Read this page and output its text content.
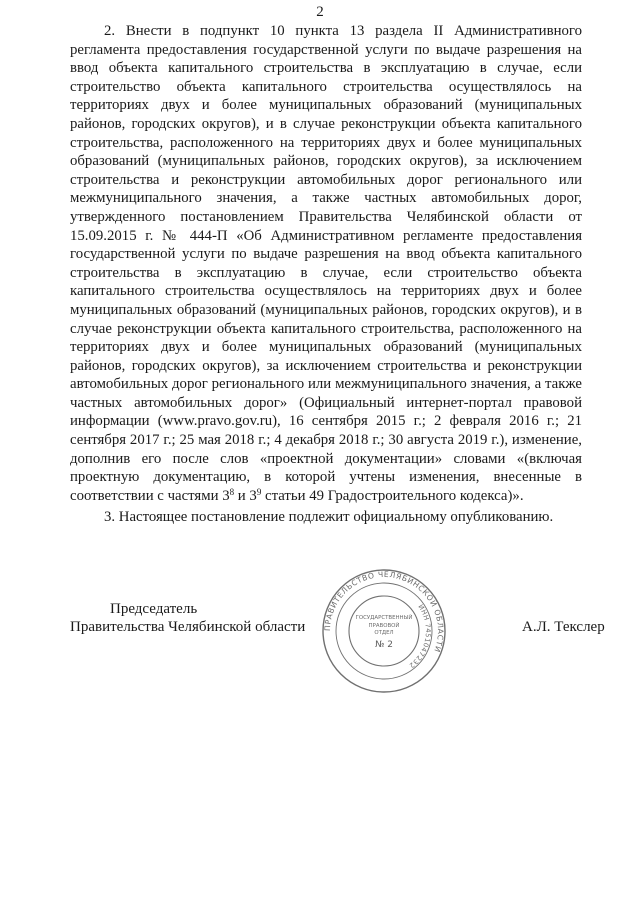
2

2. Внести в подпункт 10 пункта 13 раздела II Административного регламента предоставления государственной услуги по выдаче разрешения на ввод объекта капитального строительства в эксплуатацию в случае, если строительство объекта капитального строительства осуществлялось на территориях двух и более муниципальных образований (муниципальных районов, городских округов), и в случае реконструкции объекта капитального строительства, расположенного на территориях двух и более муниципальных образований (муниципальных районов, городских округов), за исключением строительства и реконструкции автомобильных дорог регионального или межмуниципального значения, а также частных автомобильных дорог, утвержденного постановлением Правительства Челябинской области от 15.09.2015 г. № 444-П «Об Административном регламенте предоставления государственной услуги по выдаче разрешения на ввод объекта капитального строительства в эксплуатацию в случае, если строительство объекта капитального строительства осуществлялось на территориях двух и более муниципальных образований (муниципальных районов, городских округов), и в случае реконструкции объекта капитального строительства, расположенного на территориях двух и более муниципальных образований (муниципальных районов, городских округов), за исключением строительства и реконструкции автомобильных дорог регионального или межмуниципального значения, а также частных автомобильных дорог» (Официальный интернет-портал правовой информации (www.pravo.gov.ru), 16 сентября 2015 г.; 2 февраля 2016 г.; 21 сентября 2017 г.; 25 мая 2018 г.; 4 декабря 2018 г.; 30 августа 2019 г.), изменение, дополнив его после слов «проектной документации» словами «(включая проектную документацию, в которой учтены изменения, внесенные в соответствии с частями $3^8$ и $3^9$ статьи 49 Градостроительного кодекса)».

3. Настоящее постановление подлежит официальному опубликованию.

Председатель
Правительства Челябинской области ПРАВИТЕЛЬСТВО ЧЕЛЯБИНСКОЙ ОБЛАСТИ
ИНН 7451047232
ГОСУДАРСТВЕННЫЙ
ПРАВОВОЙ
ОТДЕЛ
№ 2
А.Л. Текслер
